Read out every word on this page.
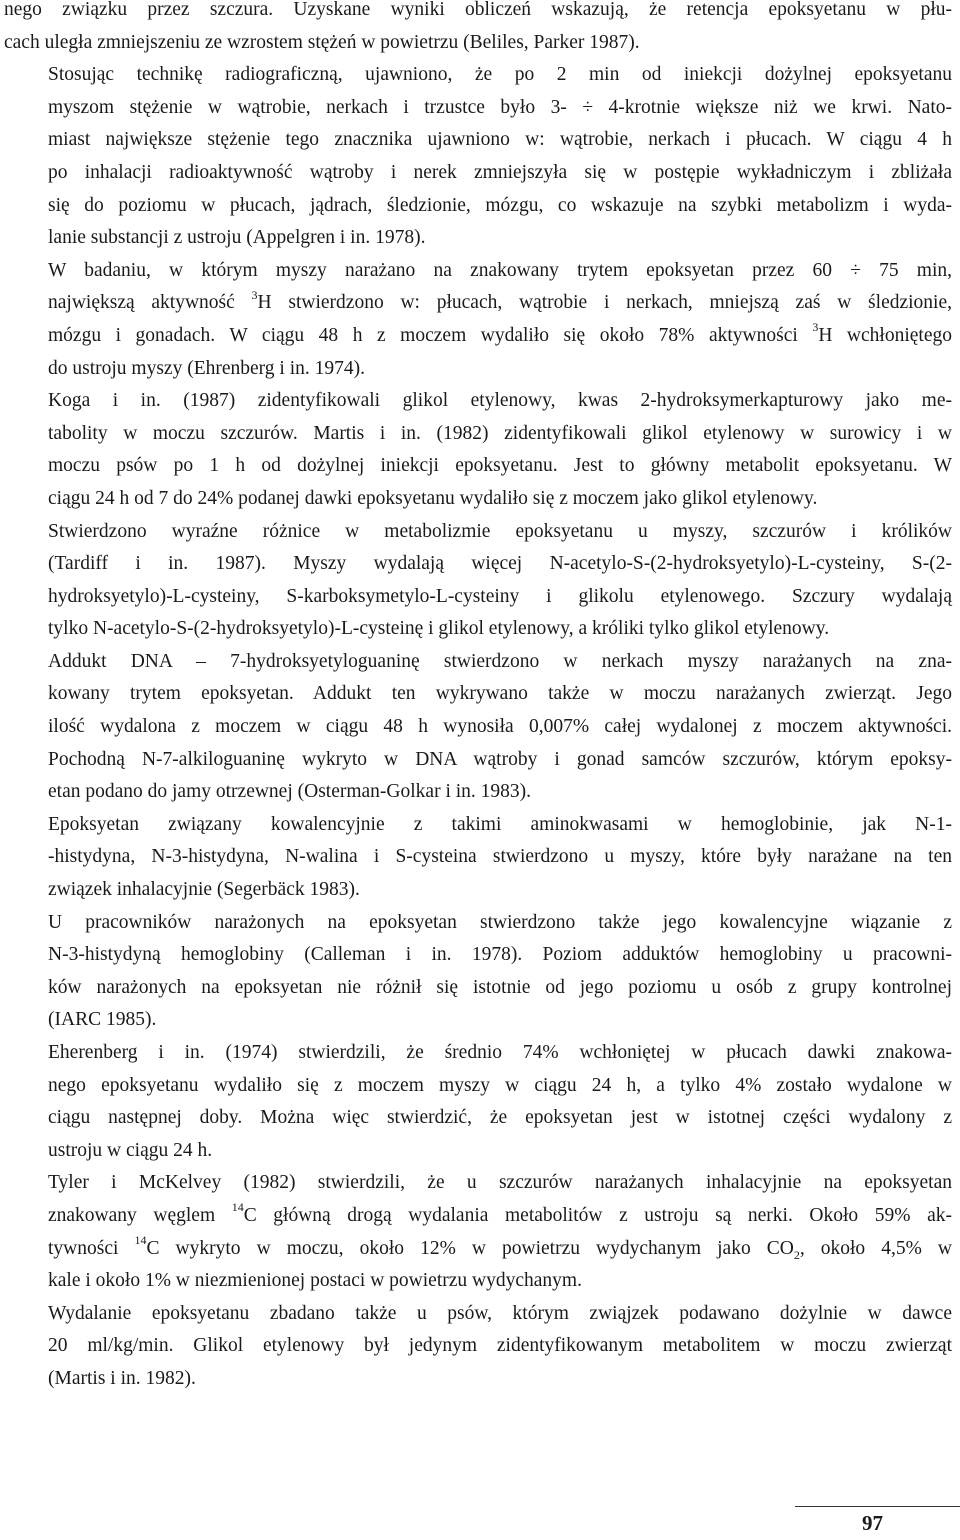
nego związku przez szczura. Uzyskane wyniki obliczeń wskazują, że retencja epoksyetanu w płu-
cach uległa zmniejszeniu ze wzrostem stężeń w powietrzu (Beliles, Parker 1987).

Stosując technikę radiograficzną, ujawniono, że po 2 min od iniekcji dożylnej epoksyetanu
myszom stężenie w wątrobie, nerkach i trzustce było 3- ÷ 4-krotnie większe niż we krwi. Nato-
miast największe stężenie tego znacznika ujawniono w: wątrobie, nerkach i płucach. W ciągu 4 h
po inhalacji radioaktywność wątroby i nerek zmniejszyła się w postępie wykładniczym i zbliżała
się do poziomu w płucach, jądrach, śledzionie, mózgu, co wskazuje na szybki metabolizm i wyda-
lanie substancji z ustroju (Appelgren i in. 1978).

W badaniu, w którym myszy narażano na znakowany trytem epoksyetan przez 60 ÷ 75 min,
największą aktywność $^3$H stwierdzono w: płucach, wątrobie i nerkach, mniejszą zaś w śledzionie,
mózgu i gonadach. W ciągu 48 h z moczem wydaliło się około 78% aktywności $^3$H wchłoniętego
do ustroju myszy (Ehrenberg i in. 1974).

Koga i in. (1987) zidentyfikowali glikol etylenowy, kwas 2-hydroksymerkapturowy jako me-
tabolity w moczu szczurów. Martis i in. (1982) zidentyfikowali glikol etylenowy w surowicy i w
moczu psów po 1 h od dożylnej iniekcji epoksyetanu. Jest to główny metabolit epoksyetanu. W
ciągu 24 h od 7 do 24% podanej dawki epoksyetanu wydaliło się z moczem jako glikol etylenowy.

Stwierdzono wyraźne różnice w metabolizmie epoksyetanu u myszy, szczurów i królików
(Tardiff i in. 1987). Myszy wydalają więcej N-acetylo-S-(2-hydroksyetylo)-L-cysteiny, S-(2-
hydroksyetylo)-L-cysteiny, S-karboksymetylo-L-cysteiny i glikolu etylenowego. Szczury wydalają
tylko N-acetylo-S-(2-hydroksyetylo)-L-cysteinę i glikol etylenowy, a króliki tylko glikol etylenowy.

Addukt DNA – 7-hydroksyetyloguaninę stwierdzono w nerkach myszy narażanych na zna-
kowany trytem epoksyetan. Addukt ten wykrywano także w moczu narażanych zwierząt. Jego
ilość wydalona z moczem w ciągu 48 h wynosiła 0,007% całej wydalonej z moczem aktywności.
Pochodną N-7-alkiloguaninę wykryto w DNA wątroby i gonad samców szczurów, którym epoksy-
etan podano do jamy otrzewnej (Osterman-Golkar i in. 1983).

Epoksyetan związany kowalencyjnie z takimi aminokwasami w hemoglobinie, jak N-1-
-histydyna, N-3-histydyna, N-walina i S-cysteina stwierdzono u myszy, które były narażane na ten
związek inhalacyjnie (Segerbäck 1983).

U pracowników narażonych na epoksyetan stwierdzono także jego kowalencyjne wiązanie z
N-3-histydyną hemoglobiny (Calleman i in. 1978). Poziom adduktów hemoglobiny u pracowni-
ków narażonych na epoksyetan nie różnił się istotnie od jego poziomu u osób z grupy kontrolnej
(IARC 1985).

Eherenberg i in. (1974) stwierdzili, że średnio 74% wchłoniętej w płucach dawki znakowa-
nego epoksyetanu wydaliło się z moczem myszy w ciągu 24 h, a tylko 4% zostało wydalone w
ciągu następnej doby. Można więc stwierdzić, że epoksyetan jest w istotnej części wydalony z
ustroju w ciągu 24 h.

Tyler i McKelvey (1982) stwierdzili, że u szczurów narażanych inhalacyjnie na epoksyetan
znakowany węglem $^{14}$C główną drogą wydalania metabolitów z ustroju są nerki. Około 59% ak-
tywności $^{14}$C wykryto w moczu, około 12% w powietrzu wydychanym jako $CO_2$, około 4,5% w
kale i około 1% w niezmienionej postaci w powietrzu wydychanym.

Wydalanie epoksyetanu zbadano także u psów, którym zwiąjzek podawano dożylnie w dawce
20 ml/kg/min. Glikol etylenowy był jedynym zidentyfikowanym metabolitem w moczu zwierząt
(Martis i in. 1982).

97
